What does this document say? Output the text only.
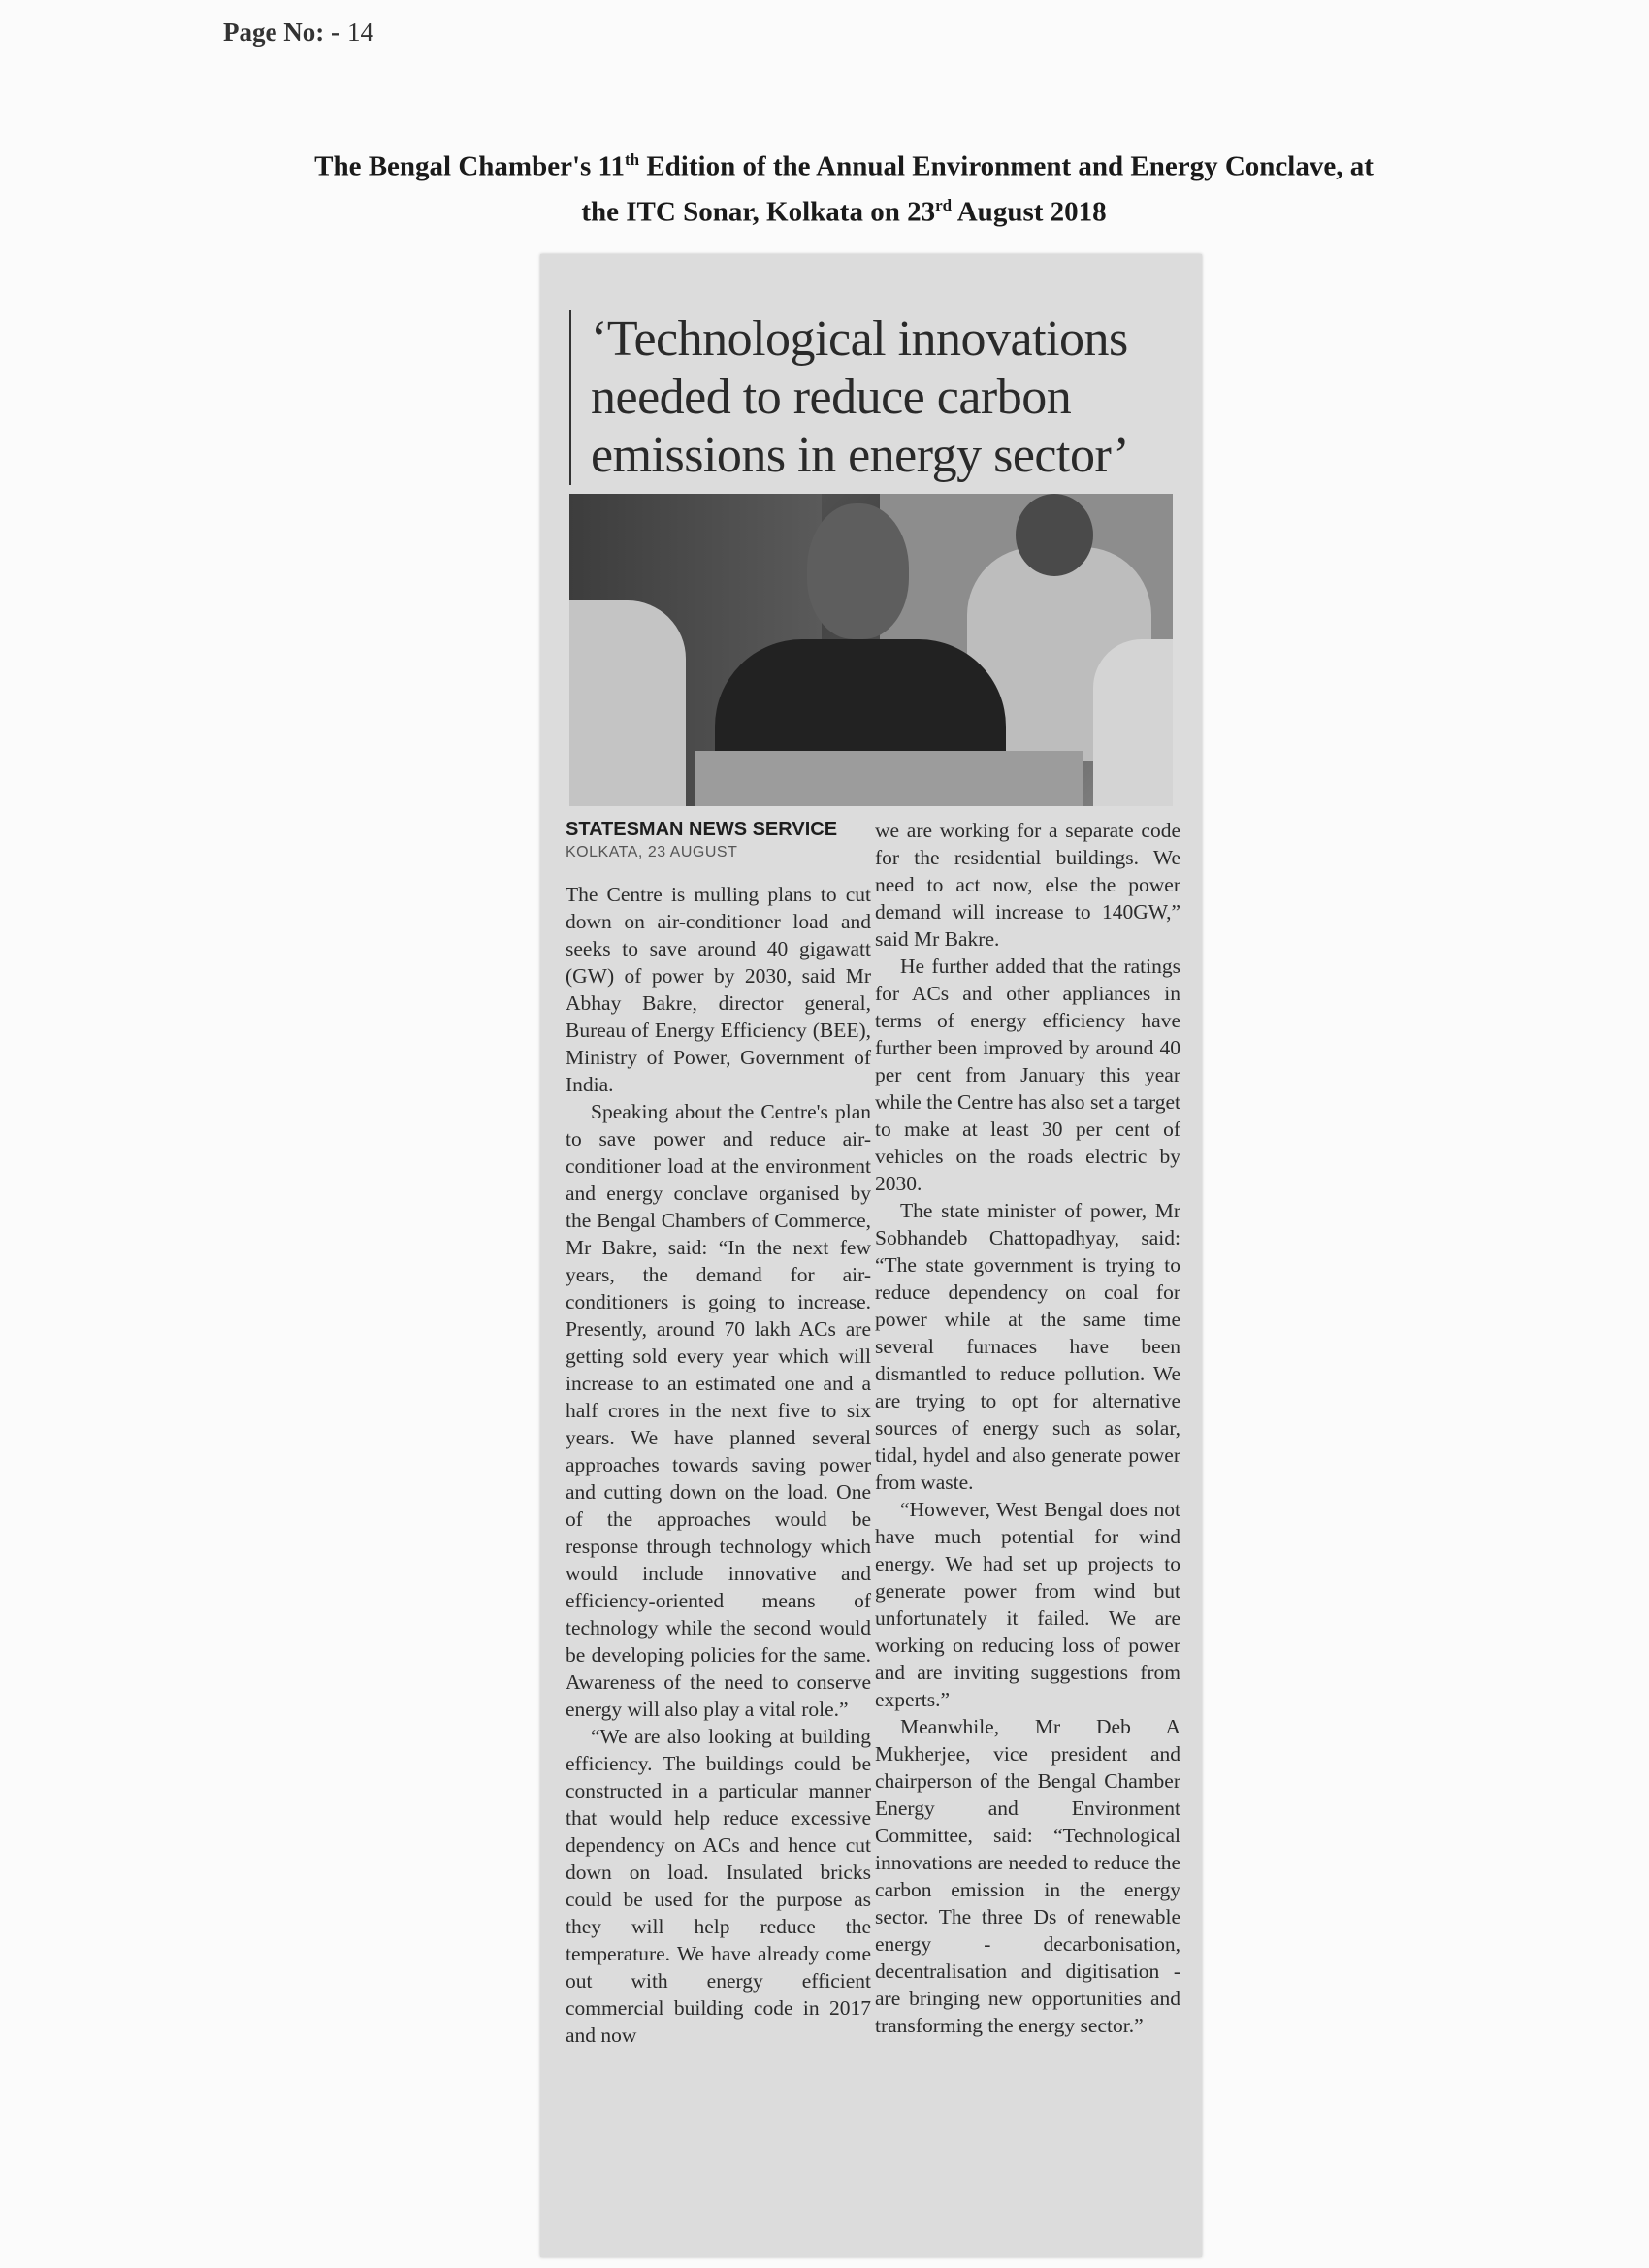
Page No: - 14
The Bengal Chamber's 11th Edition of the Annual Environment and Energy Conclave, at
the ITC Sonar, Kolkata on 23rd August 2018
‘Technological innovations needed to reduce carbon emissions in energy sector’
STATESMAN NEWS SERVICE
KOLKATA, 23 AUGUST

The Centre is mulling plans to cut down on air-conditioner load and seeks to save around 40 gigawatt (GW) of power by 2030, said Mr Abhay Bakre, director general, Bureau of Energy Efficiency (BEE), Ministry of Power, Government of India.

Speaking about the Centre's plan to save power and reduce air-conditioner load at the environment and energy conclave organised by the Bengal Chambers of Commerce, Mr Bakre, said: “In the next few years, the demand for air-conditioners is going to increase. Presently, around 70 lakh ACs are getting sold every year which will increase to an estimated one and a half crores in the next five to six years. We have planned several approaches towards saving power and cutting down on the load. One of the approaches would be response through technology which would include innovative and efficiency-oriented means of technology while the second would be developing policies for the same. Awareness of the need to conserve energy will also play a vital role.”

“We are also looking at building efficiency. The buildings could be constructed in a particular manner that would help reduce excessive dependency on ACs and hence cut down on load. Insulated bricks could be used for the purpose as they will help reduce the temperature. We have already come out with energy efficient commercial building code in 2017 and now

we are working for a separate code for the residential buildings. We need to act now, else the power demand will increase to 140GW,” said Mr Bakre.

He further added that the ratings for ACs and other appliances in terms of energy efficiency have further been improved by around 40 per cent from January this year while the Centre has also set a target to make at least 30 per cent of vehicles on the roads electric by 2030.

The state minister of power, Mr Sobhandeb Chattopadhyay, said: “The state government is trying to reduce dependency on coal for power while at the same time several furnaces have been dismantled to reduce pollution. We are trying to opt for alternative sources of energy such as solar, tidal, hydel and also generate power from waste.

“However, West Bengal does not have much potential for wind energy. We had set up projects to generate power from wind but unfortunately it failed. We are working on reducing loss of power and are inviting suggestions from experts.”

Meanwhile, Mr Deb A Mukherjee, vice president and chairperson of the Bengal Chamber Energy and Environment Committee, said: “Technological innovations are needed to reduce the carbon emission in the energy sector. The three Ds of renewable energy - decarbonisation, decentralisation and digitisation - are bringing new opportunities and transforming the energy sector.”
